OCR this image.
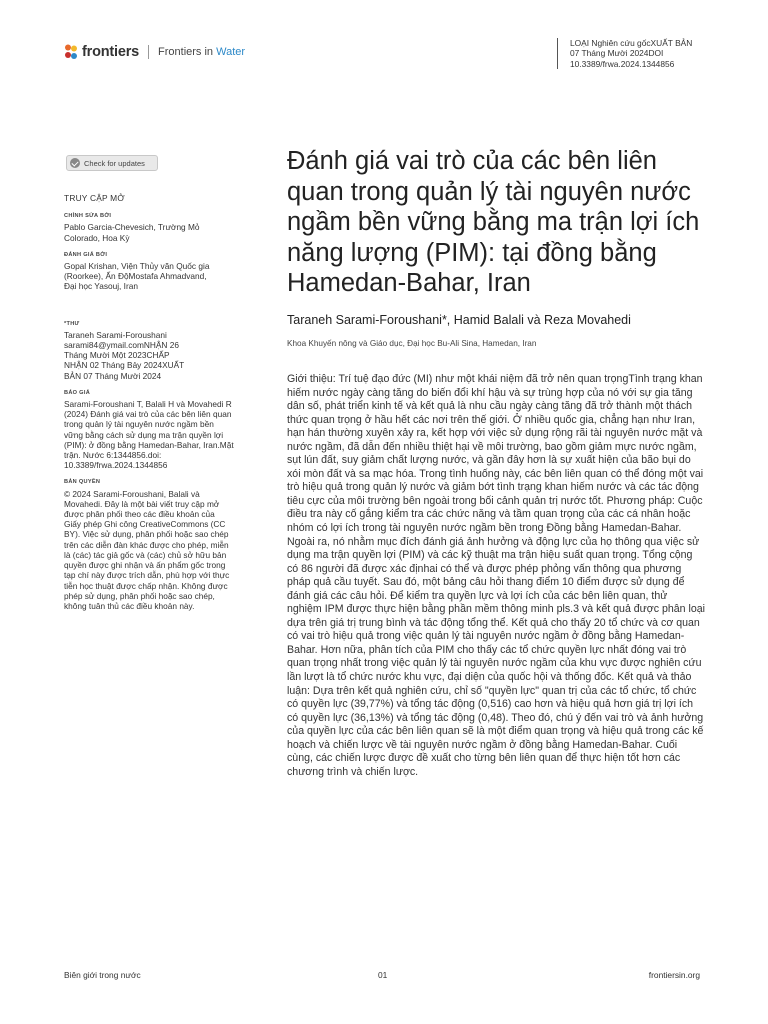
frontiers Frontiers in Water
LOẠI Nghiên cứu gốcXUẤT BẢN
07 Tháng Mười 2024DOI
10.3389/frwa.2024.1344856
Check for updates
TRUY CẬP MỞ
CHỈNH SỬA BỞI
Pablo Garcia-Chevesich, Trường Mỏ
Colorado, Hoa Kỳ
ĐÁNH GIÁ BỞI
Gopal Krishan, Viện Thủy văn Quốc gia
(Roorkee), Ấn ĐộMostafa Ahmadvand,
Đại học Yasouj, Iran
*THƯ
Taraneh Sarami-Foroushani
sarami84@ymail.comNHẬN 26
Tháng Mười Một 2023CHẤP
NHẬN 02 Tháng Bảy 2024XUẤT
BẢN 07 Tháng Mười 2024
BÁO GIÁ
Sarami-Foroushani T, Balali H và Movahedi R
(2024) Đánh giá vai trò của các bên liên quan
trong quản lý tài nguyên nước ngầm bền
vững bằng cách sử dụng ma trận quyền lợi
(PIM): ở đồng bằng Hamedan-Bahar, Iran.Mặt
trận. Nước 6:1344856.doi:
10.3389/frwa.2024.1344856
BẢN QUYỀN
© 2024 Sarami-Foroushani, Balali và
Movahedi. Đây là một bài viết truy cập mở
được phân phối theo các điều khoản của
Giấy phép Ghi công CreativeCommons (CC
BY). Việc sử dụng, phân phối hoặc sao chép
trên các diễn đàn khác được cho phép, miễn
là (các) tác giả gốc và (các) chủ sở hữu bản
quyền được ghi nhận và ấn phẩm gốc trong
tạp chí này được trích dẫn, phù hợp với thực
tiễn học thuật được chấp nhận. Không được
phép sử dụng, phân phối hoặc sao chép,
không tuân thủ các điều khoản này.
Đánh giá vai trò của các bên liên quan trong quản lý tài nguyên nước ngầm bền vững bằng ma trận lợi ích năng lượng (PIM): tại đồng bằng Hamedan-Bahar, Iran
Taraneh Sarami-Foroushani*, Hamid Balali và Reza Movahedi
Khoa Khuyến nông và Giáo dục, Đại học Bu-Ali Sina, Hamedan, Iran

Giới thiệu: Trí tuệ đạo đức (MI) như một khái niệm đã trở nên quan trọngTình trạng khan hiếm nước ngày càng tăng do biến đổi khí hậu và sự trùng hợp của nó với sự gia tăng dân số, phát triển kinh tế và kết quả là nhu cầu ngày càng tăng đã trở thành một thách thức quan trọng ở hầu hết các nơi trên thế giới. Ở nhiều quốc gia, chẳng hạn như Iran, hạn hán thường xuyên xảy ra, kết hợp với việc sử dụng rộng rãi tài nguyên nước mặt và nước ngầm, đã dẫn đến nhiều thiệt hại về môi trường, bao gồm giảm mực nước ngầm, sụt lún đất, suy giảm chất lượng nước, và gần đây hơn là sự xuất hiện của bão bụi do xói mòn đất và sa mạc hóa. Trong tình huống này, các bên liên quan có thể đóng một vai trò hiệu quả trong quản lý nước và giảm bớt tình trạng khan hiếm nước và các tác động tiêu cực của môi trường bên ngoài trong bối cảnh quản trị nước tốt. Phương pháp: Cuộc điều tra này cố gắng kiểm tra các chức năng và tầm quan trọng của các cá nhân hoặc nhóm có lợi ích trong tài nguyên nước ngầm bền trong Đồng bằng Hamedan-Bahar. Ngoài ra, nó nhằm mục đích đánh giá ảnh hưởng và động lực của họ thông qua việc sử dụng ma trận quyền lợi (PIM) và các kỹ thuật ma trận hiệu suất quan trọng. Tổng cộng có 86 người đã được xác địnhai có thể và được phép phỏng vấn thông qua phương pháp quả cầu tuyết. Sau đó, một bảng câu hỏi thang điểm 10 điểm được sử dụng để đánh giá các câu hỏi. Để kiểm tra quyền lực và lợi ích của các bên liên quan, thử nghiệm IPM được thực hiện bằng phần mềm thông minh pls.3 và kết quả được phân loại dựa trên giá trị trung bình và tác động tổng thể. Kết quả cho thấy 20 tổ chức và cơ quan có vai trò hiệu quả trong việc quản lý tài nguyên nước ngầm ở đồng bằng Hamedan-Bahar. Hơn nữa, phân tích của PIM cho thấy các tổ chức quyền lực nhất đóng vai trò quan trọng nhất trong việc quản lý tài nguyên nước ngầm của khu vực được nghiên cứu lần lượt là tổ chức nước khu vực, đại diện của quốc hội và thống đốc. Kết quả và thảo luận: Dựa trên kết quả nghiên cứu, chỉ số "quyền lực" quan trị của các tổ chức, tổ chức có quyền lực (39,77%) và tổng tác động (0,516) cao hơn và hiệu quả hơn giá trị lợi ích có quyền lực (36,13%) và tổng tác động (0,48). Theo đó, chú ý đến vai trò và ảnh hưởng của quyền lực của các bên liên quan sẽ là một điểm quan trọng và hiệu quả trong các kế hoạch và chiến lược về tài nguyên nước ngầm ở đồng bằng Hamedan-Bahar. Cuối cùng, các chiến lược được đề xuất cho từng bên liên quan để thực hiện tốt hơn các chương trình và chiến lược.

Biên giới trong nước	01	frontiersin.org
